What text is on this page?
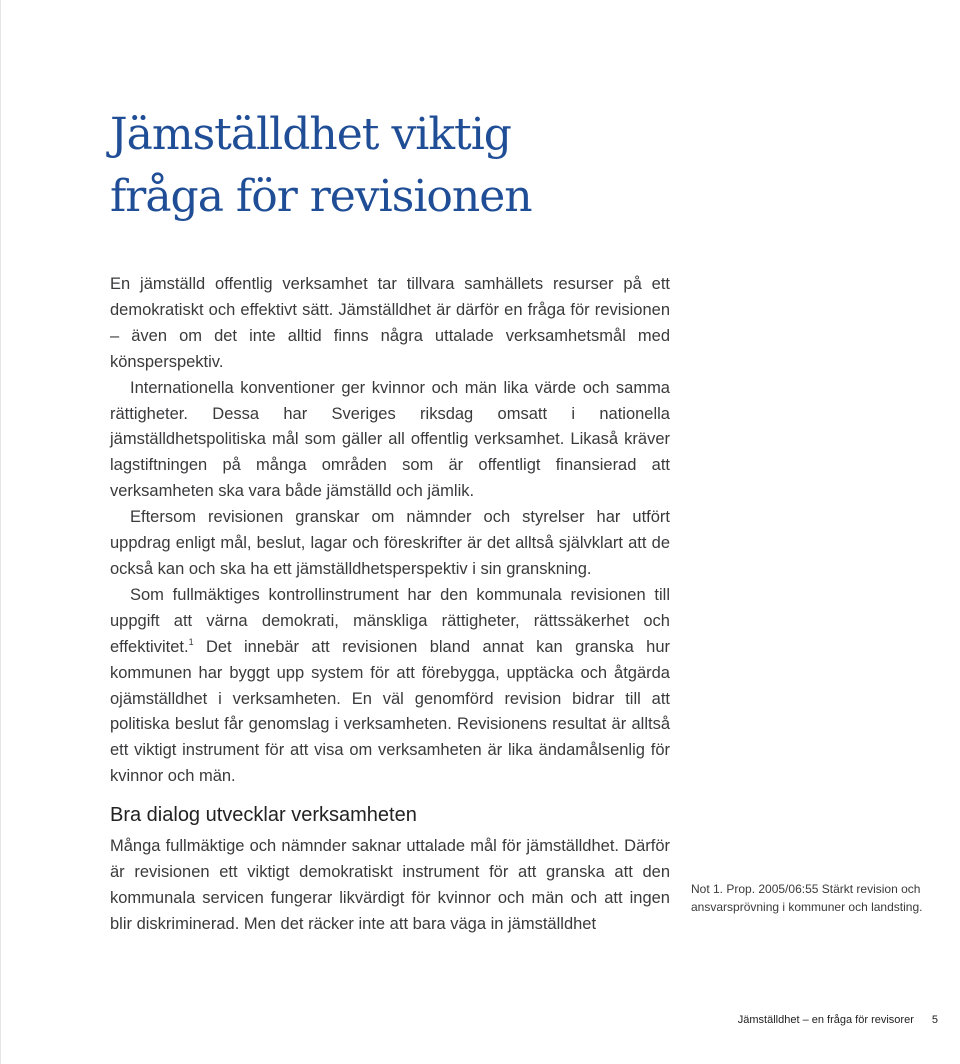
Jämställdhet viktig
fråga för revisionen

En jämställd offentlig verksamhet tar tillvara samhällets resurser på ett demokratiskt och effektivt sätt. Jämställdhet är därför en fråga för revisionen – även om det inte alltid finns några uttalade verksamhetsmål med könsperspektiv.

Internationella konventioner ger kvinnor och män lika värde och samma rättigheter. Dessa har Sveriges riksdag omsatt i nationella jämställdhetspolitiska mål som gäller all offentlig verksamhet. Likaså kräver lagstiftningen på många områden som är offentligt finansierad att verksamheten ska vara både jämställd och jämlik.

Eftersom revisionen granskar om nämnder och styrelser har utfört uppdrag enligt mål, beslut, lagar och föreskrifter är det alltså självklart att de också kan och ska ha ett jämställdhetsperspektiv i sin granskning.

Som fullmäktiges kontrollinstrument har den kommunala revisionen till uppgift att värna demokrati, mänskliga rättigheter, rättssäkerhet och effektivitet.$^1$ Det innebär att revisionen bland annat kan granska hur kommunen har byggt upp system för att förebygga, upptäcka och åtgärda ojämställdhet i verksamheten. En väl genomförd revision bidrar till att politiska beslut får genomslag i verksamheten. Revisionens resultat är alltså ett viktigt instrument för att visa om verksamheten är lika ändamålsenlig för kvinnor och män.

Bra dialog utvecklar verksamheten

Många fullmäktige och nämnder saknar uttalade mål för jämställdhet. Därför är revisionen ett viktigt demokratiskt instrument för att granska att den kommunala servicen fungerar likvärdigt för kvinnor och män och att ingen blir diskriminerad. Men det räcker inte att bara väga in jämställdhet

Not 1. Prop. 2005/06:55 Stärkt revision och ansvarsprövning i kommuner och landsting.

Jämställdhet – en fråga för revisorer 5
